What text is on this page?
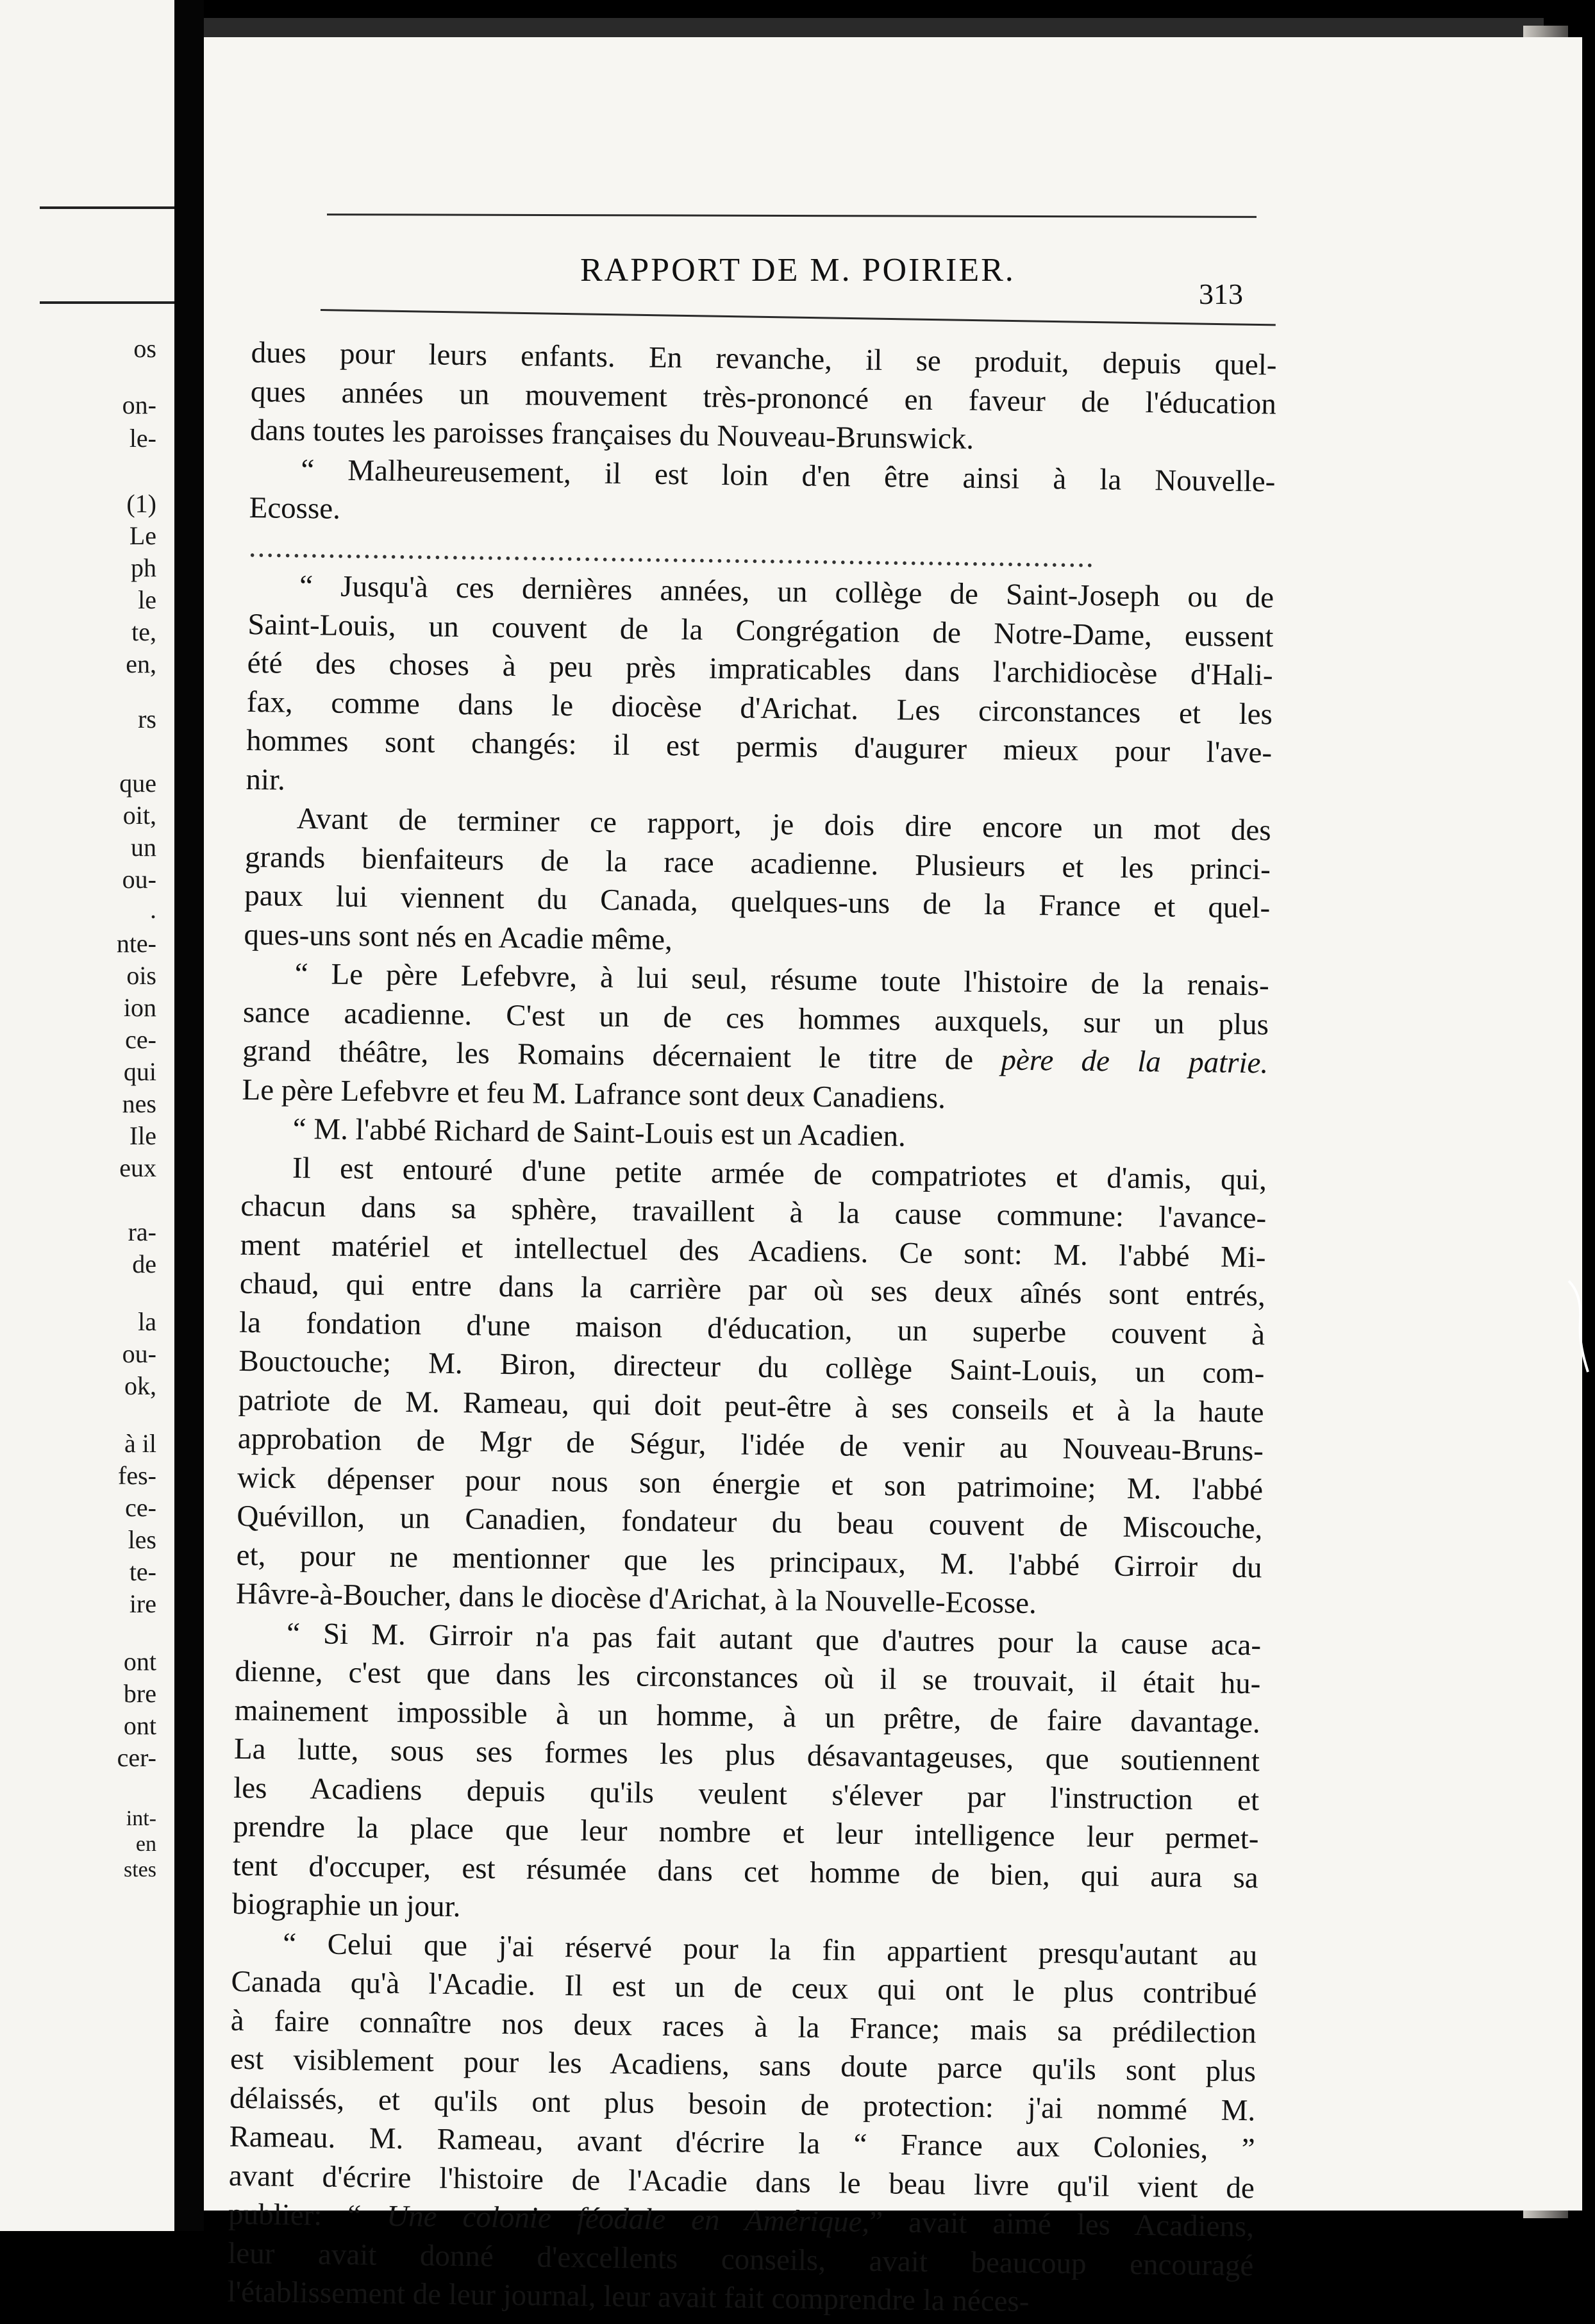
os
on-
le-
(1)
Le
ph
le
te,
en,
rs
que
oit,
un
ou-
.
nte-
ois
ion
ce-
qui
nes
Ile
eux
ra-
de
la
ou-
ok,
à il
fes-
ce-
les
te-
ire
ont
bre
ont
cer-
int-
en
stes
RAPPORT DE M. POIRIER.
313
dues pour leurs enfants. En revanche, il se produit, depuis quel-
ques années un mouvement très-prononcé en faveur de l'éducation
dans toutes les paroisses françaises du Nouveau-Brunswick.
“ Malheureusement, il est loin d'en être ainsi à la Nouvelle-
Ecosse.
................................................................................................
“ Jusqu'à ces dernières années, un collège de Saint-Joseph ou de
Saint-Louis, un couvent de la Congrégation de Notre-Dame, eussent
été des choses à peu près impraticables dans l'archidiocèse d'Hali-
fax, comme dans le diocèse d'Arichat. Les circonstances et les
hommes sont changés: il est permis d'augurer mieux pour l'ave-
nir.
Avant de terminer ce rapport, je dois dire encore un mot des
grands bienfaiteurs de la race acadienne. Plusieurs et les princi-
paux lui viennent du Canada, quelques-uns de la France et quel-
ques-uns sont nés en Acadie même,
“ Le père Lefebvre, à lui seul, résume toute l'histoire de la renais-
sance acadienne. C'est un de ces hommes auxquels, sur un plus
grand théâtre, les Romains décernaient le titre de père de la patrie.
Le père Lefebvre et feu M. Lafrance sont deux Canadiens.
“ M. l'abbé Richard de Saint-Louis est un Acadien.
Il est entouré d'une petite armée de compatriotes et d'amis, qui,
chacun dans sa sphère, travaillent à la cause commune: l'avance-
ment matériel et intellectuel des Acadiens. Ce sont: M. l'abbé Mi-
chaud, qui entre dans la carrière par où ses deux aînés sont entrés,
la fondation d'une maison d'éducation, un superbe couvent à
Bouctouche; M. Biron, directeur du collège Saint-Louis, un com-
patriote de M. Rameau, qui doit peut-être à ses conseils et à la haute
approbation de Mgr de Ségur, l'idée de venir au Nouveau-Bruns-
wick dépenser pour nous son énergie et son patrimoine; M. l'abbé
Quévillon, un Canadien, fondateur du beau couvent de Miscouche,
et, pour ne mentionner que les principaux, M. l'abbé Girroir du
Hâvre-à-Boucher, dans le diocèse d'Arichat, à la Nouvelle-Ecosse.
“ Si M. Girroir n'a pas fait autant que d'autres pour la cause aca-
dienne, c'est que dans les circonstances où il se trouvait, il était hu-
mainement impossible à un homme, à un prêtre, de faire davantage.
La lutte, sous ses formes les plus désavantageuses, que soutiennent
les Acadiens depuis qu'ils veulent s'élever par l'instruction et
prendre la place que leur nombre et leur intelligence leur permet-
tent d'occuper, est résumée dans cet homme de bien, qui aura sa
biographie un jour.
“ Celui que j'ai réservé pour la fin appartient presqu'autant au
Canada qu'à l'Acadie. Il est un de ceux qui ont le plus contribué
à faire connaître nos deux races à la France; mais sa prédilection
est visiblement pour les Acadiens, sans doute parce qu'ils sont plus
délaissés, et qu'ils ont plus besoin de protection: j'ai nommé M.
Rameau. M. Rameau, avant d'écrire la “ France aux Colonies, ”
avant d'écrire l'histoire de l'Acadie dans le beau livre qu'il vient de
publier: “ Une colonie féodale en Amérique,” avait aimé les Acadiens,
leur avait donné d'excellents conseils, avait beaucoup encouragé
l'établissement de leur journal, leur avait fait comprendre la néces-
